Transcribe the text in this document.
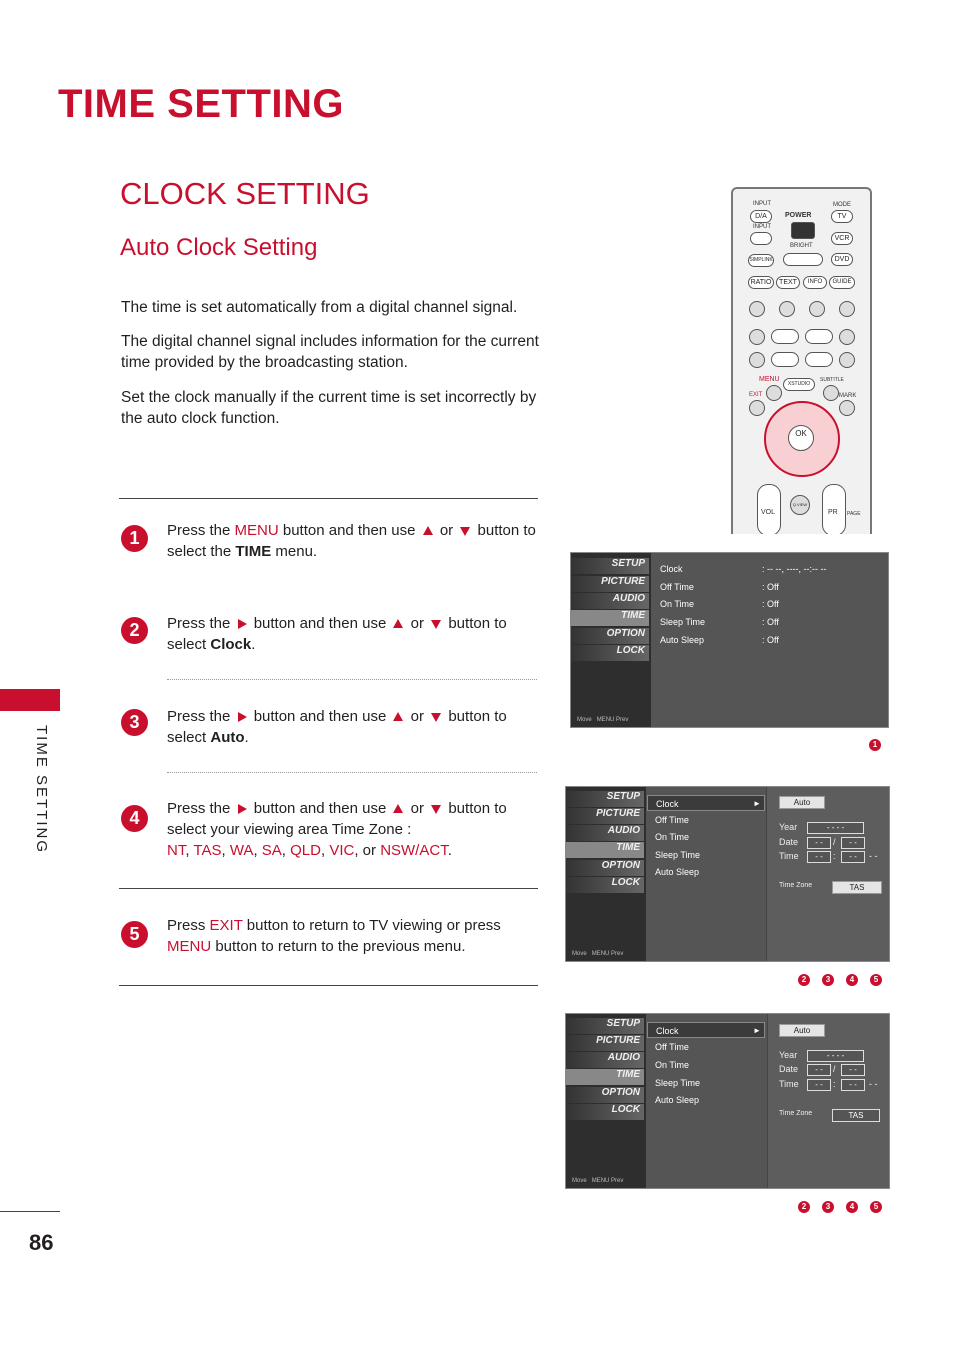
TIME SETTING
CLOCK SETTING
Auto Clock Setting
The time is set automatically from a digital channel signal.
The digital channel signal includes information for the current time provided by the broadcasting station.
Set the clock manually if the current time is set incorrectly by the auto clock function.
1	Press the MENU button and then use  or  button to select the TIME menu.
2	Press the  button and then use  or  button to select Clock.
3	Press the  button and then use  or  button to select Auto.
4	Press the  button and then use  or  button to select your viewing area Time Zone :
NT, TAS, WA, SA, QLD, VIC, or NSW/ACT.
5	Press EXIT button to return to TV viewing or press MENU button to return to the previous menu.
TIME SETTING
86
INPUT	MODE
D/A	POWER	TV
INPUT
BRIGHT
VCR
SIMPLINK	DVD
RATIO	TEXT	INFO	GUIDE
MENU
XSTUDIO
SUBTITLE
EXIT	MARK
OK
VOL
Q.VIEW
PR PAGE
SETUP
PICTURE
AUDIO
TIME
OPTION
LOCK
Move MENU Prev
Clock	: -- --, ----, --:-- --
Off Time	: Off
On Time	: Off
Sleep Time	: Off
Auto Sleep	: Off
1
SETUP
PICTURE
AUDIO
TIME
OPTION
LOCK
Move MENU Prev
Clock	►
Off Time
On Time
Sleep Time
Auto Sleep
Auto
Year	- - - -
Date	- -	/	- -
Time	- -	:	- -	- -
Time Zone	TAS
2 3 4 5
SETUP
PICTURE
AUDIO
TIME
OPTION
LOCK
Move MENU Prev
Clock	►
Off Time
On Time
Sleep Time
Auto Sleep
Auto
Year	- - - -
Date	- -	/	- -
Time	- -	:	- -	- -
Time Zone	TAS
2 3 4 5
